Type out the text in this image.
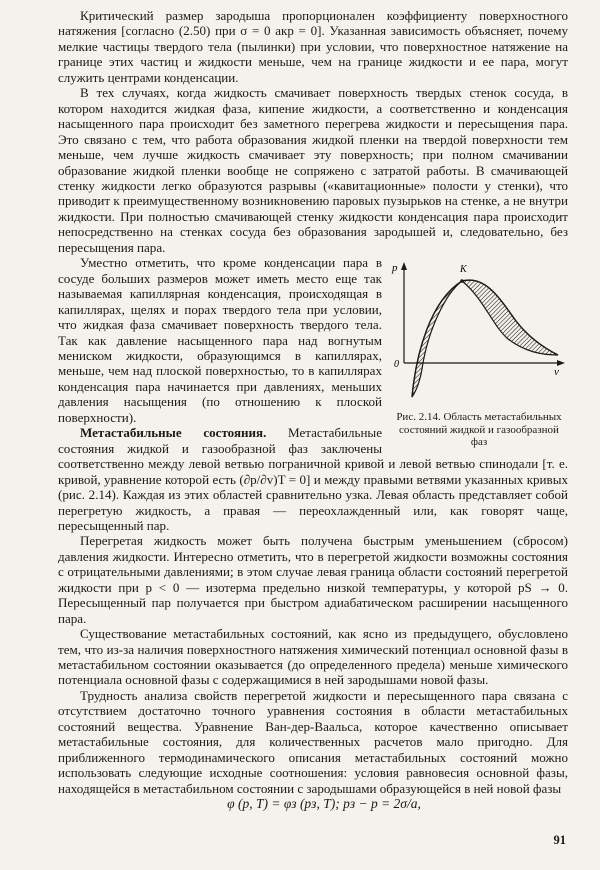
Критический размер зародыша пропорционален коэффициенту поверхностного натяжения [согласно (2.50) при σ = 0 aкр = 0]. Указанная зависимость объясняет, почему мелкие частицы твердого тела (пылинки) при условии, что поверхностное натяжение на границе этих частиц и жидкости меньше, чем на границе жидкости и ее пара, могут служить центрами конденсации.

В тех случаях, когда жидкость смачивает поверхность твердых стенок сосуда, в котором находится жидкая фаза, кипение жидкости, а соответственно и конденсация насыщенного пара происходит без заметного перегрева жидкости и пересыщения пара. Это связано с тем, что работа образования жидкой пленки на твердой поверхности тем меньше, чем лучше жидкость смачивает эту поверхность; при полном смачивании образование жидкой пленки вообще не сопряжено с затратой работы. В смачивающей стенку жидкости легко образуются разрывы («кавитационные» полости у стенки), что приводит к преимущественному возникновению паровых пузырьков на стенке, а не внутри жидкости. При полностью смачивающей стенку жидкости конденсация пара происходит непосредственно на стенках сосуда без образования зародышей и, следовательно, без пересыщения пара.

K
p
0
v
Рис. 2.14. Область метастабильных состояний жидкой и газообразной фаз

Уместно отметить, что кроме конденсации пара в сосуде больших размеров может иметь место еще так называемая капиллярная конденсация, происходящая в капиллярах, щелях и порах твердого тела при условии, что жидкая фаза смачивает поверхность твердого тела. Так как давление насыщенного пара над вогнутым мениском жидкости, образующимся в капиллярах, меньше, чем над плоской поверхностью, то в капиллярах конденсация пара начинается при давлениях, меньших давления насыщения (по отношению к плоской поверхности).

Метастабильные состояния. Метастабильные состояния жидкой и газообразной фаз заключены соответственно между левой ветвью пограничной кривой и левой ветвью спинодали [т. е. кривой, уравнение которой есть (∂p/∂v)T = 0] и между правыми ветвями указанных кривых (рис. 2.14). Каждая из этих областей сравнительно узка. Левая область представляет собой перегретую жидкость, а правая — переохлажденный или, как говорят чаще, пересыщенный пар.

Перегретая жидкость может быть получена быстрым уменьшением (сбросом) давления жидкости. Интересно отметить, что в перегретой жидкости возможны состояния с отрицательными давлениями; в этом случае левая граница области состояний перегретой жидкости при p < 0 — изотерма предельно низкой температуры, у которой pS → 0. Пересыщенный пар получается при быстром адиабатическом расширении насыщенного пара.

Существование метастабильных состояний, как ясно из предыдущего, обусловлено тем, что из-за наличия поверхностного натяжения химический потенциал основной фазы в метастабильном состоянии оказывается (до определенного предела) меньше химического потенциала основной фазы с содержащимися в ней зародышами новой фазы.

Трудность анализа свойств перегретой жидкости и пересыщенного пара связана с отсутствием достаточно точного уравнения состояния в области метастабильных состояний вещества. Уравнение Ван-дер-Ваальса, которое качественно описывает метастабильные состояния, для количественных расчетов мало пригодно. Для приближенного термодинамического описания метастабильных состояний можно использовать следующие исходные соотношения: условия равновесия основной фазы, находящейся в метастабильном состоянии с зародышами образующейся в ней новой фазы

φ (p, T) = φз (pз, T); pз − p = 2σ/a,

91
